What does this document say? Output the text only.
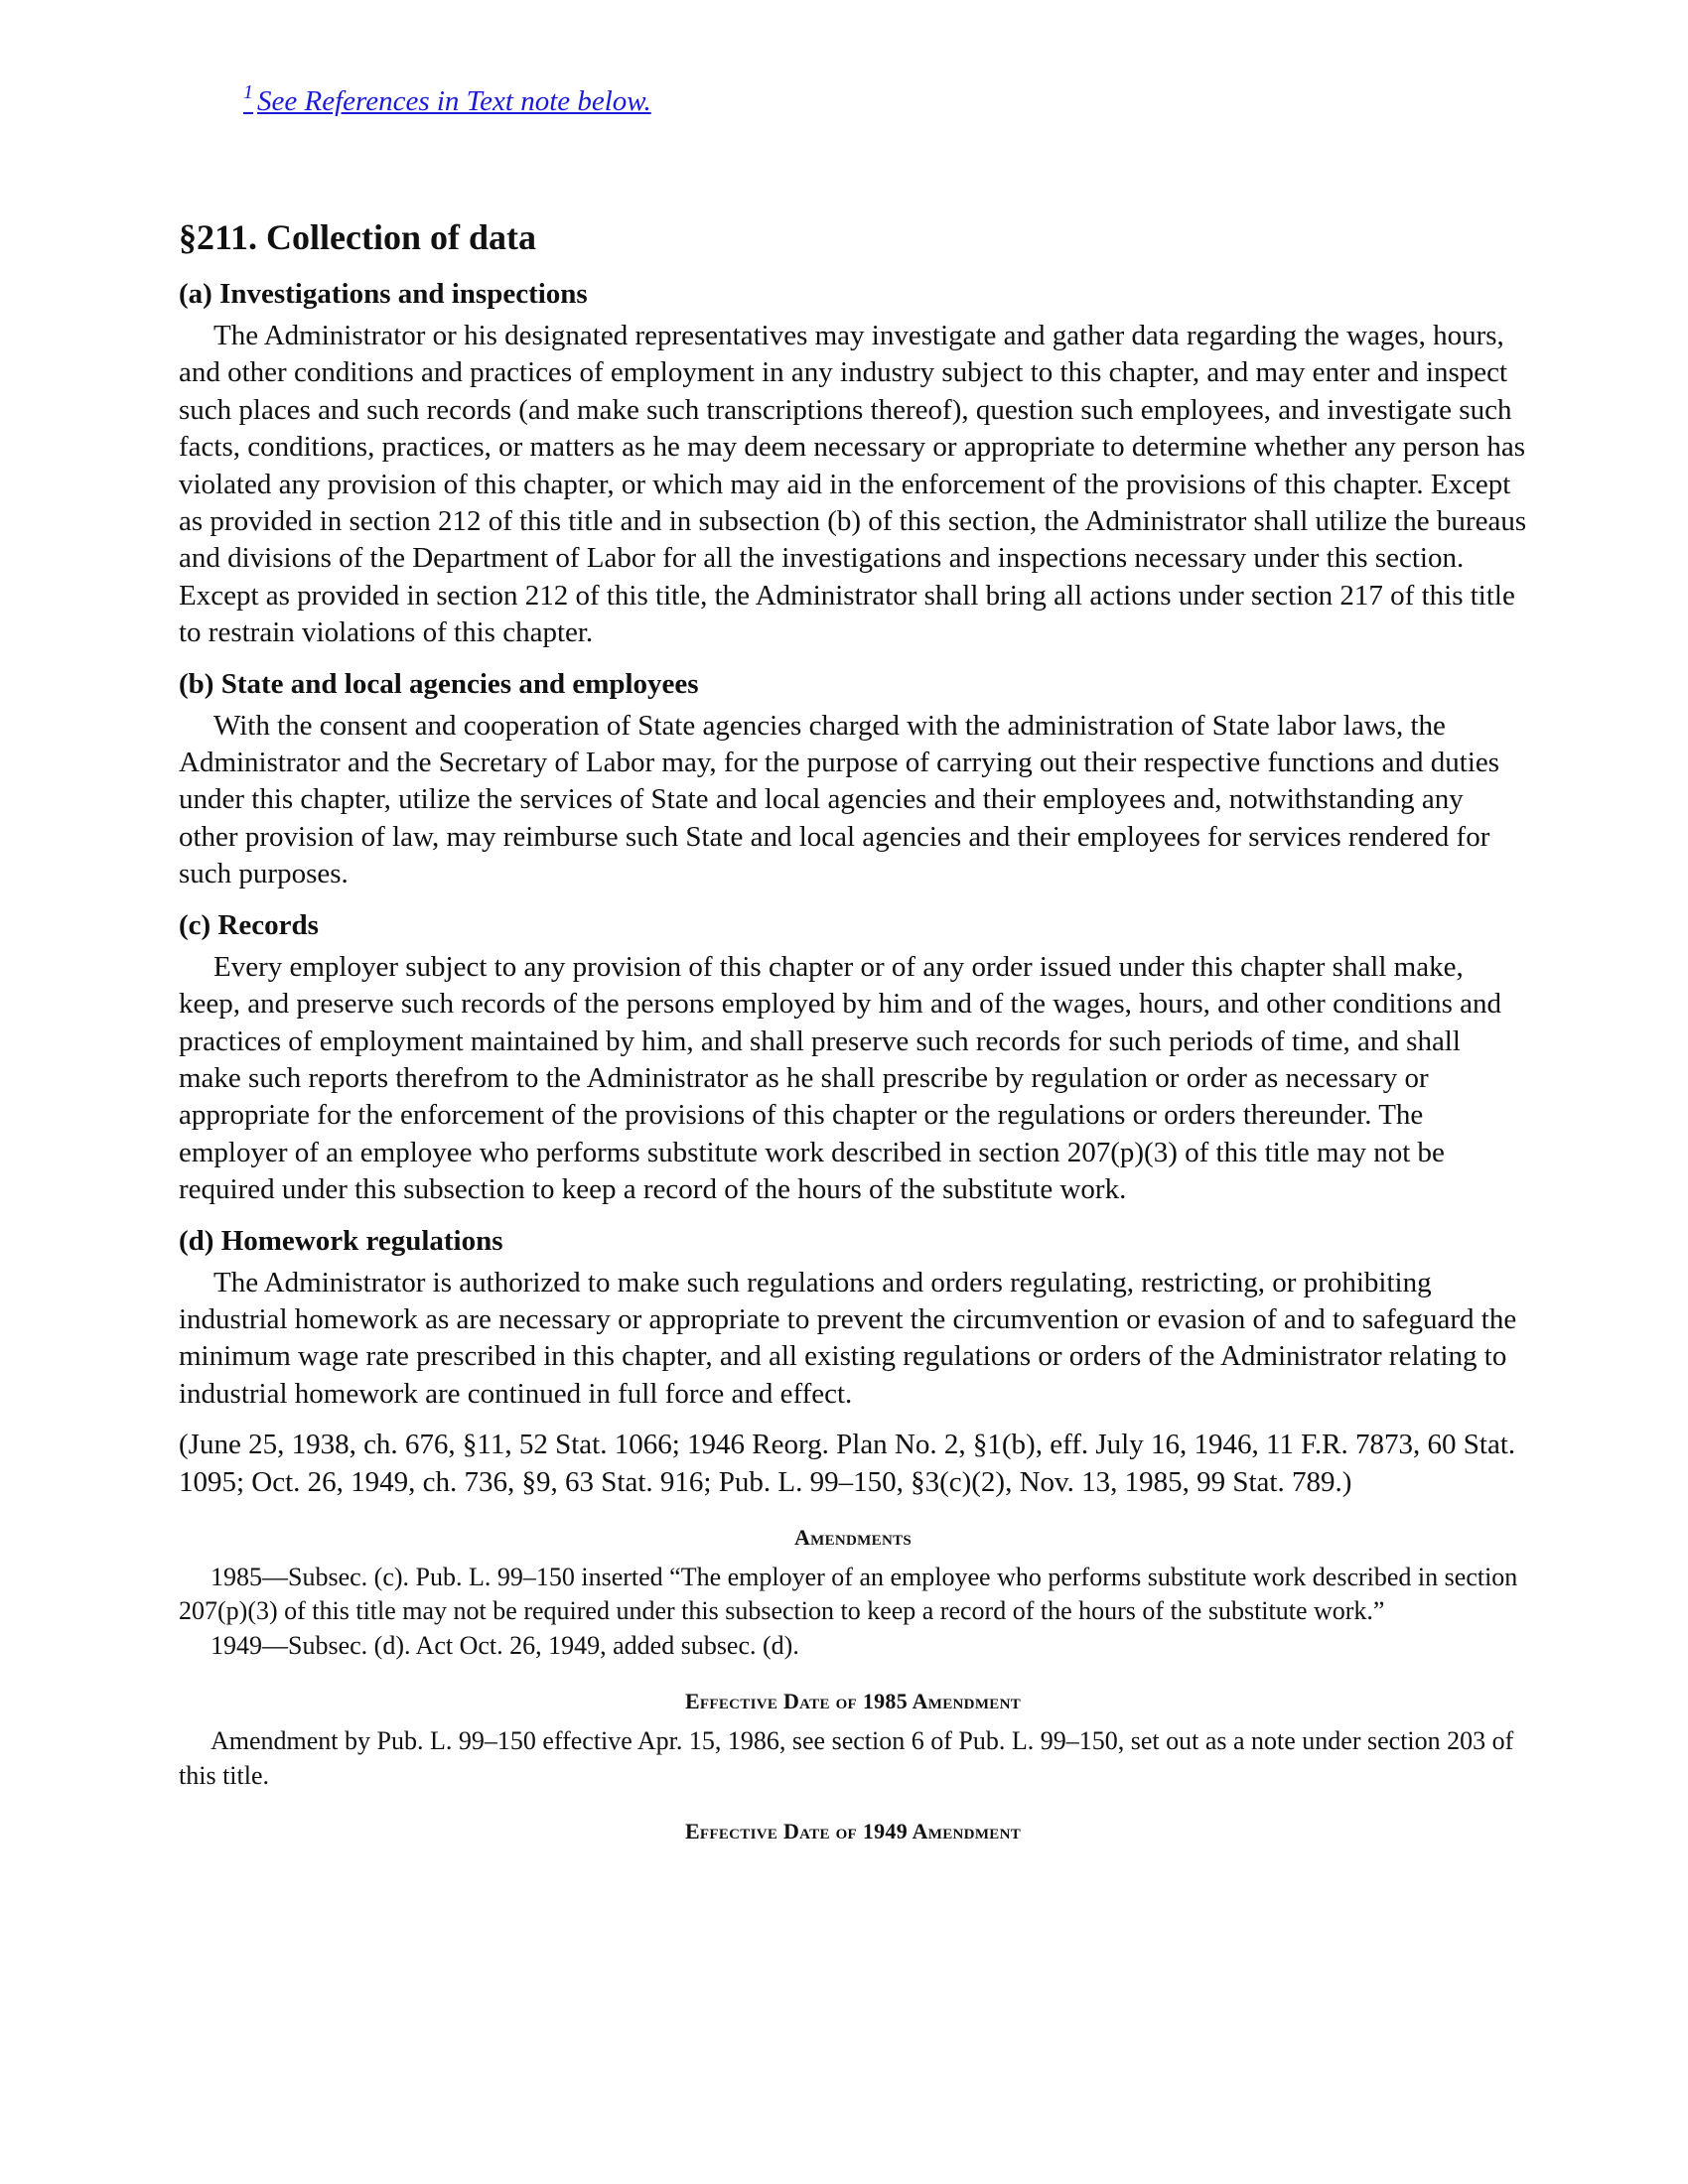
$^1$ See References in Text note below.
§211. Collection of data

(a) Investigations and inspections

The Administrator or his designated representatives may investigate and gather data regarding the wages, hours, and other conditions and practices of employment in any industry subject to this chapter, and may enter and inspect such places and such records (and make such transcriptions thereof), question such employees, and investigate such facts, conditions, practices, or matters as he may deem necessary or appropriate to determine whether any person has violated any provision of this chapter, or which may aid in the enforcement of the provisions of this chapter. Except as provided in section 212 of this title and in subsection (b) of this section, the Administrator shall utilize the bureaus and divisions of the Department of Labor for all the investigations and inspections necessary under this section. Except as provided in section 212 of this title, the Administrator shall bring all actions under section 217 of this title to restrain violations of this chapter.

(b) State and local agencies and employees

With the consent and cooperation of State agencies charged with the administration of State labor laws, the Administrator and the Secretary of Labor may, for the purpose of carrying out their respective functions and duties under this chapter, utilize the services of State and local agencies and their employees and, notwithstanding any other provision of law, may reimburse such State and local agencies and their employees for services rendered for such purposes.

(c) Records

Every employer subject to any provision of this chapter or of any order issued under this chapter shall make, keep, and preserve such records of the persons employed by him and of the wages, hours, and other conditions and practices of employment maintained by him, and shall preserve such records for such periods of time, and shall make such reports therefrom to the Administrator as he shall prescribe by regulation or order as necessary or appropriate for the enforcement of the provisions of this chapter or the regulations or orders thereunder. The employer of an employee who performs substitute work described in section 207(p)(3) of this title may not be required under this subsection to keep a record of the hours of the substitute work.

(d) Homework regulations

The Administrator is authorized to make such regulations and orders regulating, restricting, or prohibiting industrial homework as are necessary or appropriate to prevent the circumvention or evasion of and to safeguard the minimum wage rate prescribed in this chapter, and all existing regulations or orders of the Administrator relating to industrial homework are continued in full force and effect.

(June 25, 1938, ch. 676, §11, 52 Stat. 1066; 1946 Reorg. Plan No. 2, §1(b), eff. July 16, 1946, 11 F.R. 7873, 60 Stat. 1095; Oct. 26, 1949, ch. 736, §9, 63 Stat. 916; Pub. L. 99–150, §3(c)(2), Nov. 13, 1985, 99 Stat. 789.)

Amendments

1985—Subsec. (c). Pub. L. 99–150 inserted “The employer of an employee who performs substitute work described in section 207(p)(3) of this title may not be required under this subsection to keep a record of the hours of the substitute work.”

1949—Subsec. (d). Act Oct. 26, 1949, added subsec. (d).

Effective Date of 1985 Amendment

Amendment by Pub. L. 99–150 effective Apr. 15, 1986, see section 6 of Pub. L. 99–150, set out as a note under section 203 of this title.

Effective Date of 1949 Amendment
